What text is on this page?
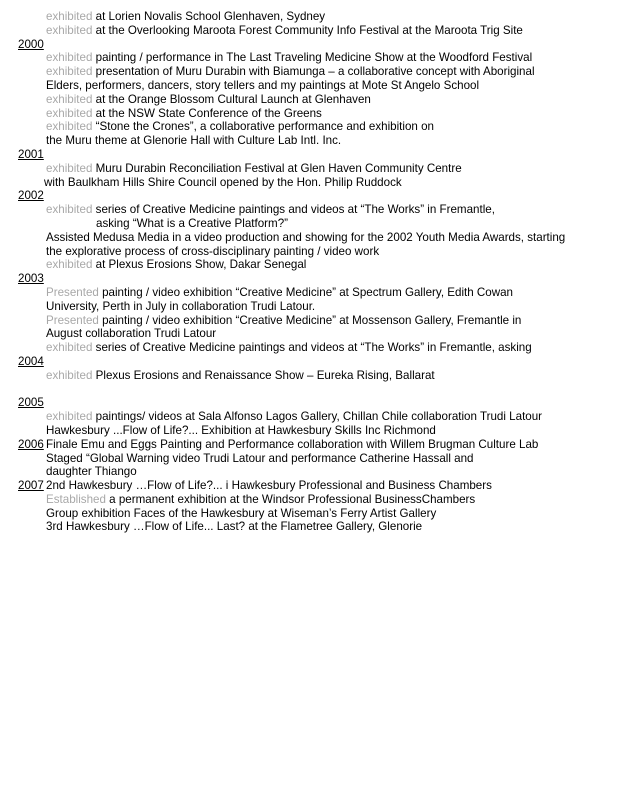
exhibited at Lorien Novalis School Glenhaven, Sydney
exhibited at the Overlooking Maroota Forest Community Info Festival at the Maroota Trig Site
2000
exhibited painting / performance in The Last Traveling Medicine Show at the Woodford Festival
exhibited presentation of Muru Durabin with Biamunga – a collaborative concept with Aboriginal
Elders, performers, dancers, story tellers and my paintings at Mote St Angelo School
exhibited at the Orange Blossom Cultural Launch at Glenhaven
exhibited at the NSW State Conference of the Greens
exhibited “Stone the Crones”, a collaborative performance and exhibition on
the Muru theme at Glenorie Hall with Culture Lab Intl. Inc.
2001
exhibited Muru Durabin Reconciliation Festival at Glen Haven Community Centre
with Baulkham Hills Shire Council opened by the Hon. Philip Ruddock
2002
exhibited series of Creative Medicine paintings and videos at “The Works” in Fremantle,
asking “What is a Creative Platform?”
Assisted Medusa Media in a video production and showing for the 2002 Youth Media Awards, starting
the explorative process of cross-disciplinary painting / video work
exhibited at Plexus Erosions Show, Dakar Senegal
2003
Presented painting / video exhibition “Creative Medicine” at Spectrum Gallery, Edith Cowan
University, Perth in July in collaboration Trudi Latour.
Presented painting / video exhibition “Creative Medicine” at Mossenson Gallery, Fremantle in
August collaboration Trudi Latour
exhibited series of Creative Medicine paintings and videos at “The Works” in Fremantle, asking
2004
exhibited Plexus Erosions and Renaissance Show – Eureka Rising, Ballarat
2005
exhibited paintings/ videos at Sala Alfonso Lagos Gallery, Chillan Chile collaboration Trudi Latour
Hawkesbury ...Flow of Life?... Exhibition at Hawkesbury Skills Inc Richmond
2006 Finale Emu and Eggs Painting and Performance collaboration with Willem Brugman Culture Lab
Staged “Global Warning video Trudi Latour and performance Catherine Hassall and
daughter Thiango
2007 2nd Hawkesbury …Flow of Life?... i Hawkesbury Professional and Business Chambers
Established a permanent exhibition at the Windsor Professional BusinessChambers
Group exhibition Faces of the Hawkesbury at Wiseman’s Ferry Artist Gallery
3rd Hawkesbury …Flow of Life... Last? at the Flametree Gallery, Glenorie
